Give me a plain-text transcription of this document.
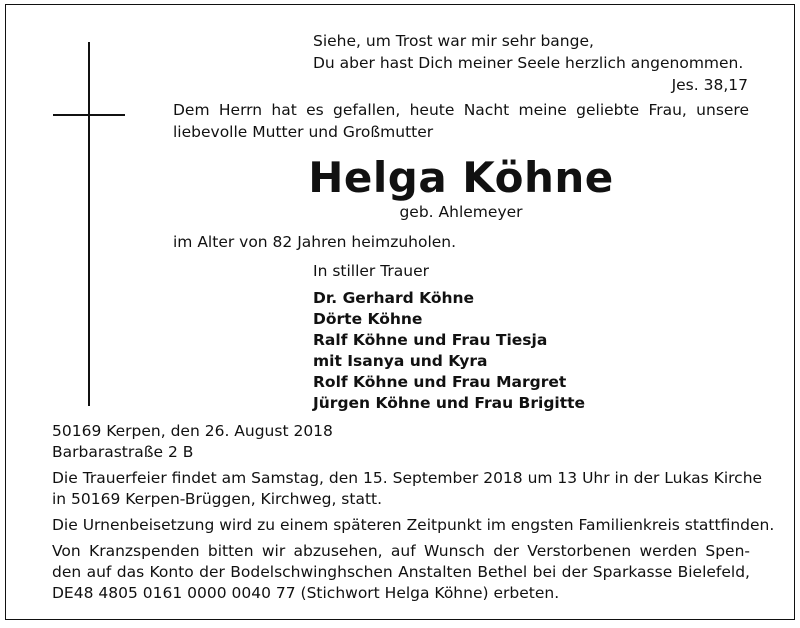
Siehe, um Trost war mir sehr bange,
Du aber hast Dich meiner Seele herzlich angenommen.
Jes. 38,17
Dem Herrn hat es gefallen, heute Nacht meine geliebte Frau, unsere
liebevolle Mutter und Großmutter
Helga Köhne
geb. Ahlemeyer
im Alter von 82 Jahren heimzuholen.
In stiller Trauer
Dr. Gerhard Köhne
Dörte Köhne
Ralf Köhne und Frau Tiesja
mit Isanya und Kyra
Rolf Köhne und Frau Margret
Jürgen Köhne und Frau Brigitte
50169 Kerpen, den 26. August 2018
Barbarastraße 2 B
Die Trauerfeier findet am Samstag, den 15. September 2018 um 13 Uhr in der Lukas Kirche
in 50169 Kerpen-Brüggen, Kirchweg, statt.
Die Urnenbeisetzung wird zu einem späteren Zeitpunkt im engsten Familienkreis stattfinden.
Von Kranzspenden bitten wir abzusehen, auf Wunsch der Verstorbenen werden Spen-
den auf das Konto der Bodelschwinghschen Anstalten Bethel bei der Sparkasse Bielefeld,
DE48 4805 0161 0000 0040 77 (Stichwort Helga Köhne) erbeten.
